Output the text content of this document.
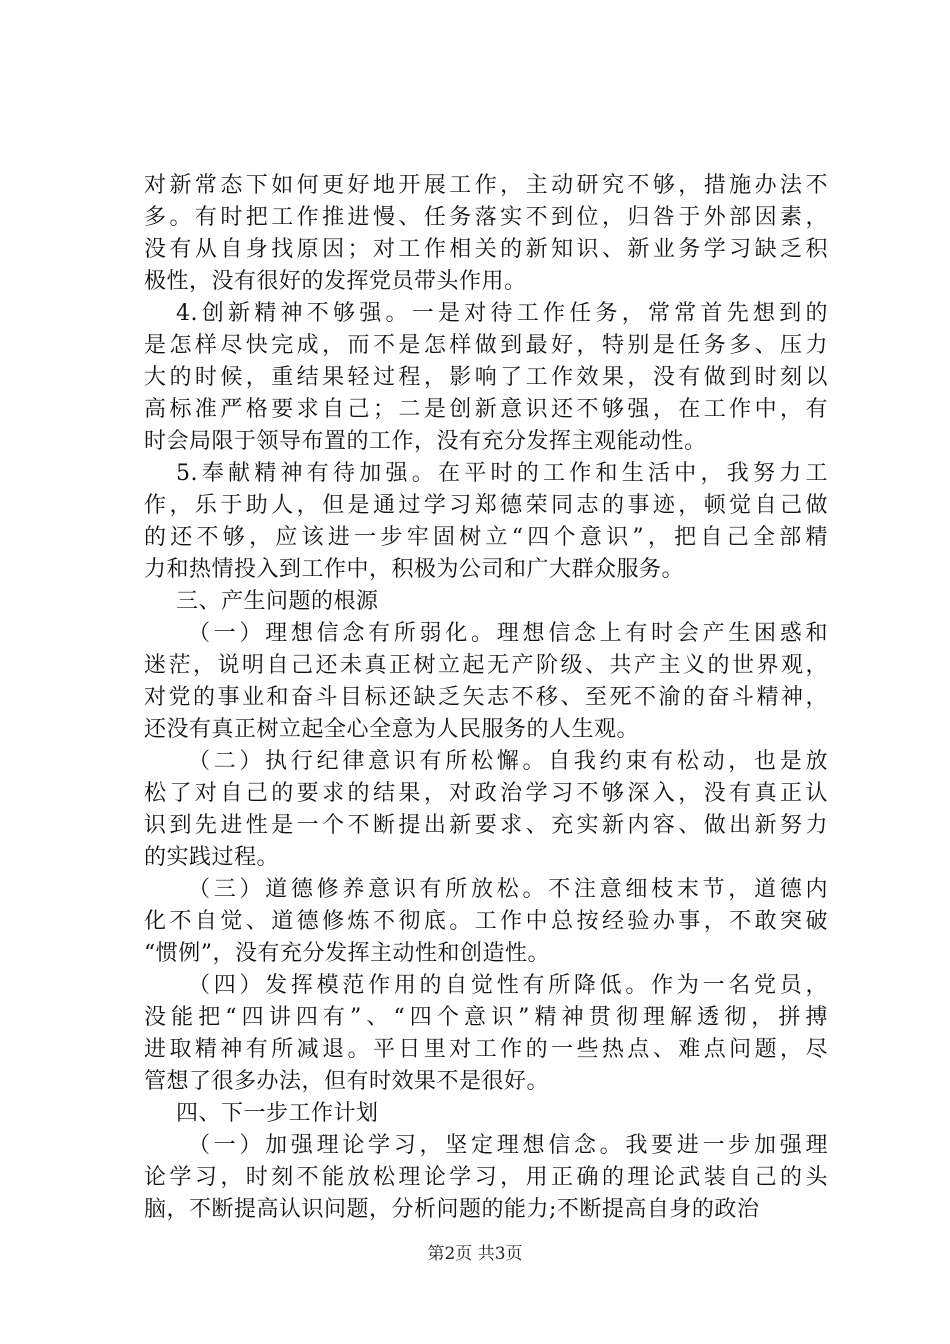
对新常态下如何更好地开展工作，主动研究不够，措施办法不
多。有时把工作推进慢、任务落实不到位，归咎于外部因素，
没有从自身找原因；对工作相关的新知识、新业务学习缺乏积
极性，没有很好的发挥党员带头作用。
4.创新精神不够强。一是对待工作任务，常常首先想到的
是怎样尽快完成，而不是怎样做到最好，特别是任务多、压力
大的时候，重结果轻过程，影响了工作效果，没有做到时刻以
高标准严格要求自己；二是创新意识还不够强，在工作中，有
时会局限于领导布置的工作，没有充分发挥主观能动性。
5.奉献精神有待加强。在平时的工作和生活中，我努力工
作，乐于助人，但是通过学习郑德荣同志的事迹，顿觉自己做
的还不够，应该进一步牢固树立“四个意识”，把自己全部精
力和热情投入到工作中，积极为公司和广大群众服务。
三、产生问题的根源
（一）理想信念有所弱化。理想信念上有时会产生困惑和
迷茫，说明自己还未真正树立起无产阶级、共产主义的世界观，
对党的事业和奋斗目标还缺乏矢志不移、至死不渝的奋斗精神，
还没有真正树立起全心全意为人民服务的人生观。
（二）执行纪律意识有所松懈。自我约束有松动，也是放
松了对自己的要求的结果，对政治学习不够深入，没有真正认
识到先进性是一个不断提出新要求、充实新内容、做出新努力
的实践过程。
（三）道德修养意识有所放松。不注意细枝末节，道德内
化不自觉、道德修炼不彻底。工作中总按经验办事，不敢突破
“惯例”，没有充分发挥主动性和创造性。
（四）发挥模范作用的自觉性有所降低。作为一名党员，
没能把“四讲四有”、“四个意识”精神贯彻理解透彻，拼搏
进取精神有所减退。平日里对工作的一些热点、难点问题，尽
管想了很多办法，但有时效果不是很好。
四、下一步工作计划
（一）加强理论学习，坚定理想信念。我要进一步加强理
论学习，时刻不能放松理论学习，用正确的理论武装自己的头
脑，不断提高认识问题，分析问题的能力;不断提高自身的政治
第2页 共3页
